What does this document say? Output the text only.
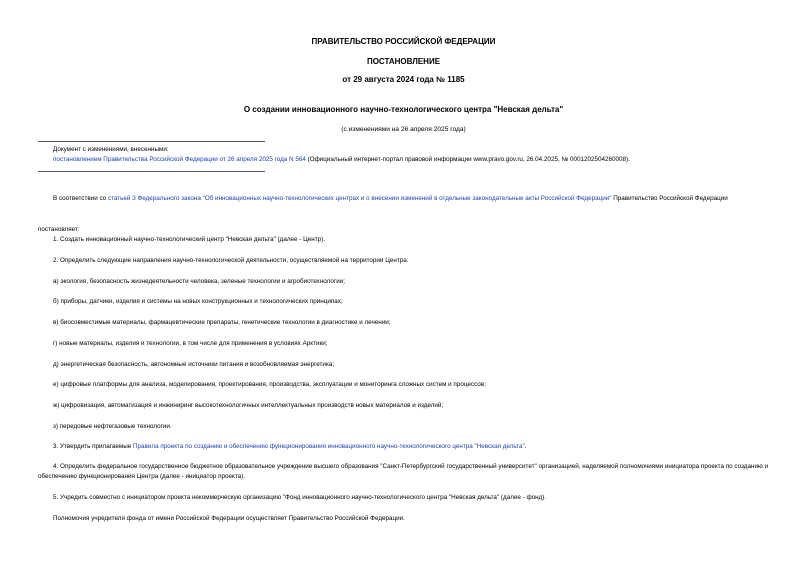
ПРАВИТЕЛЬСТВО РОССИЙСКОЙ ФЕДЕРАЦИИ
ПОСТАНОВЛЕНИЕ
от 29 августа 2024 года № 1185
О создании инновационного научно-технологического центра "Невская дельта"
(с изменениями на 26 апреля 2025 года)
Документ с изменениями, внесенными:
постановлением Правительства Российской Федерации от 26 апреля 2025 года N 564 (Официальный интернет-портал правовой информации www.pravo.gov.ru, 26.04.2025, № 0001202504260008).
В соответствии со статьей 3 Федерального закона "Об инновационных научно-технологических центрах и о внесении изменений в отдельные законодательные акты Российской Федерации" Правительство Российской Федерации
постановляет:
1. Создать инновационный научно-технологический центр "Невская дельта" (далее - Центр).
2. Определить следующие направления научно-технологической деятельности, осуществляемой на территории Центра:
а) экология, безопасность жизнедеятельности человека, зеленые технологии и агробиотехнологии;
б) приборы, датчики, изделия и системы на новых конструкционных и технологических принципах;
в) биосовместимые материалы, фармацевтические препараты, генетические технологии в диагностике и лечении;
г) новые материалы, изделия и технологии, в том числе для применения в условиях Арктики;
д) энергетическая безопасность, автономные источники питания и возобновляемая энергетика;
е) цифровые платформы для анализа, моделирования, проектирования, производства, эксплуатации и мониторинга сложных систем и процессов;
ж) цифровизация, автоматизация и инжиниринг высокотехнологичных интеллектуальных производств новых материалов и изделий;
з) передовые нефтегазовые технологии.
3. Утвердить прилагаемые Правила проекта по созданию и обеспечению функционирования инновационного научно-технологического центра "Невская дельта".
4. Определить федеральное государственное бюджетное образовательное учреждение высшего образования "Санкт-Петербургский государственный университет" организацией, наделяемой полномочиями инициатора проекта по созданию и обеспечению функционирования Центра (далее - инициатор проекта).
5. Учредить совместно с инициатором проекта некоммерческую организацию "Фонд инновационного научно-технологического центра "Невская дельта" (далее - фонд).
Полномочия учредителя фонда от имени Российской Федерации осуществляет Правительство Российской Федерации.
